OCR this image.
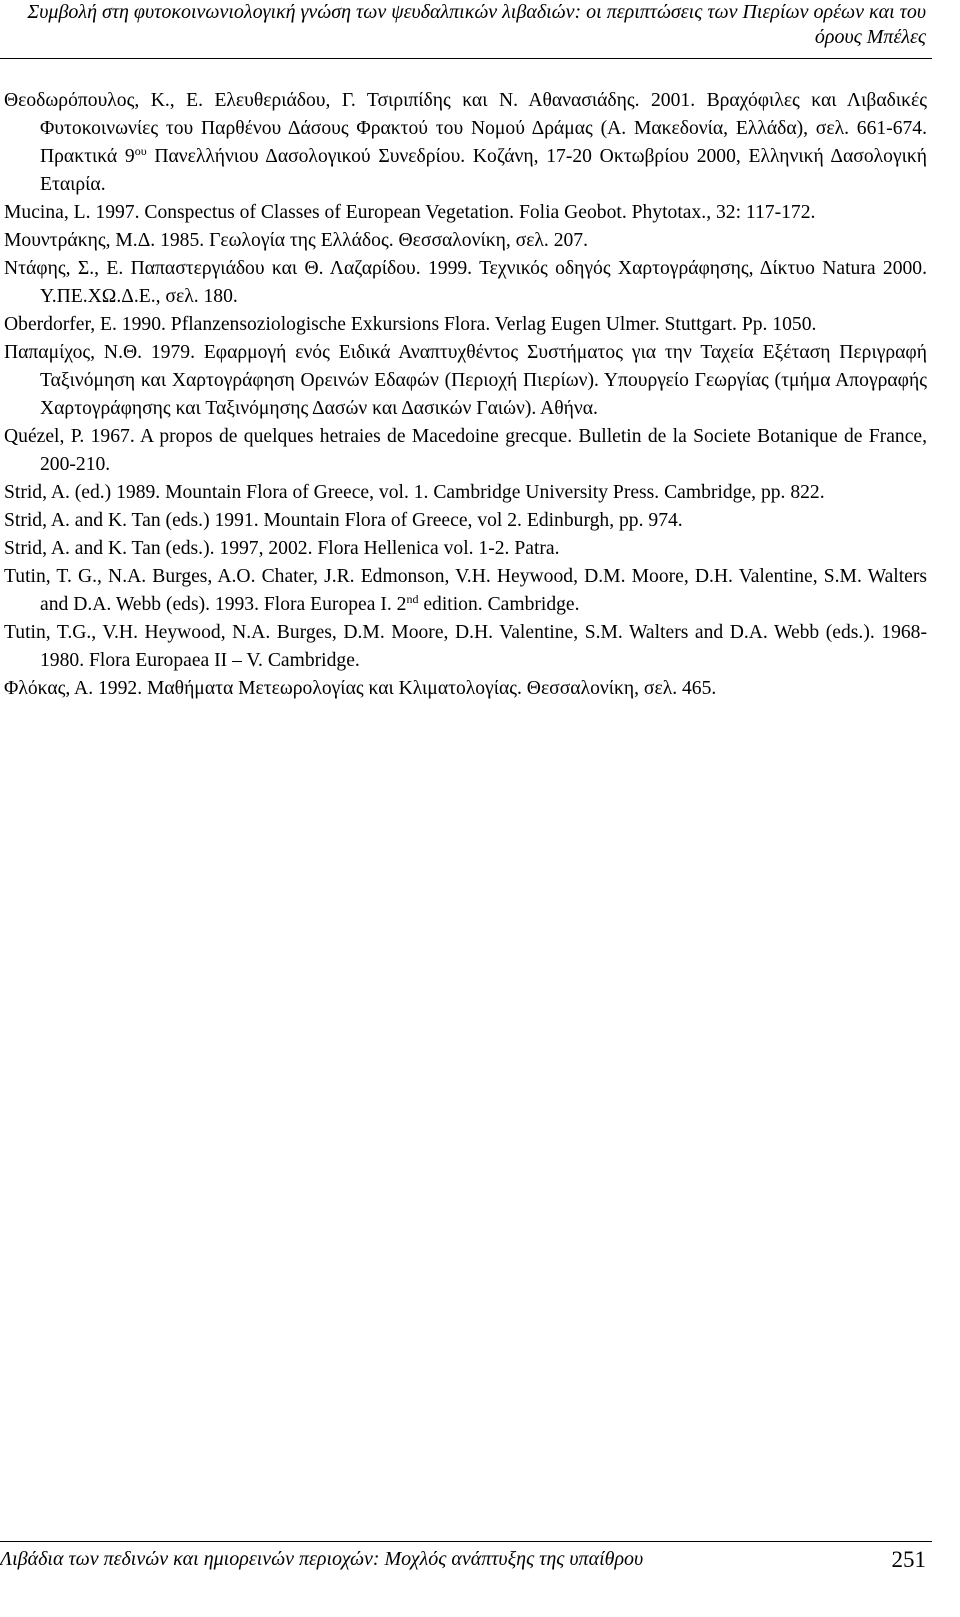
Συμβολή στη φυτοκοινωνιολογική γνώση των ψευδαλπικών λιβαδιών: οι περιπτώσεις των Πιερίων ορέων και του
όρους Μπέλες
Θεοδωρόπουλος, Κ., Ε. Ελευθεριάδου, Γ. Τσιριπίδης και Ν. Αθανασιάδης. 2001. Βραχόφιλες και Λιβαδικές Φυτοκοινωνίες του Παρθένου Δάσους Φρακτού του Νομού Δράμας (Α. Μακεδονία, Ελλάδα), σελ. 661-674. Πρακτικά $9^{o\upsilon}$ Πανελλήνιου Δασολογικού Συνεδρίου. Κοζάνη, 17-20 Οκτωβρίου 2000, Ελληνική Δασολογική Εταιρία.
Mucina, L. 1997. Conspectus of Classes of European Vegetation. Folia Geobot. Phytotax., 32: 117-172.
Μουντράκης, Μ.Δ. 1985. Γεωλογία της Ελλάδος. Θεσσαλονίκη, σελ. 207.
Ντάφης, Σ., Ε. Παπαστεργιάδου και Θ. Λαζαρίδου. 1999. Τεχνικός οδηγός Χαρτογράφησης, Δίκτυο Natura 2000. Υ.ΠΕ.ΧΩ.Δ.Ε., σελ. 180.
Oberdorfer, E. 1990. Pflanzensoziologische Exkursions Flora. Verlag Eugen Ulmer. Stuttgart. Pp. 1050.
Παπαμίχος, Ν.Θ. 1979. Εφαρμογή ενός Ειδικά Αναπτυχθέντος Συστήματος για την Ταχεία Εξέταση Περιγραφή Ταξινόμηση και Χαρτογράφηση Ορεινών Εδαφών (Περιοχή Πιερίων). Υπουργείο Γεωργίας (τμήμα Απογραφής Χαρτογράφησης και Ταξινόμησης Δασών και Δασικών Γαιών). Αθήνα.
Quézel, P. 1967. A propos de quelques hetraies de Macedoine grecque. Bulletin de la Societe Botanique de France, 200-210.
Strid, A. (ed.) 1989. Mountain Flora of Greece, vol. 1. Cambridge University Press. Cambridge, pp. 822.
Strid, A. and K. Tan (eds.) 1991. Mountain Flora of Greece, vol 2. Edinburgh, pp. 974.
Strid, A. and K. Tan (eds.). 1997, 2002. Flora Hellenica vol. 1-2. Patra.
Tutin, T. G., N.A. Burges, A.O. Chater, J.R. Edmonson, V.H. Heywood, D.M. Moore, D.H. Valentine, S.M. Walters and D.A. Webb (eds). 1993. Flora Europea I. 2nd edition. Cambridge.
Tutin, T.G., V.H. Heywood, N.A. Burges, D.M. Moore, D.H. Valentine, S.M. Walters and D.A. Webb (eds.). 1968-1980. Flora Europaea II – V. Cambridge.
Φλόκας, Α. 1992. Μαθήματα Μετεωρολογίας και Κλιματολογίας. Θεσσαλονίκη, σελ. 465.
Λιβάδια των πεδινών και ημιορεινών περιοχών: Μοχλός ανάπτυξης της υπαίθρου	251
